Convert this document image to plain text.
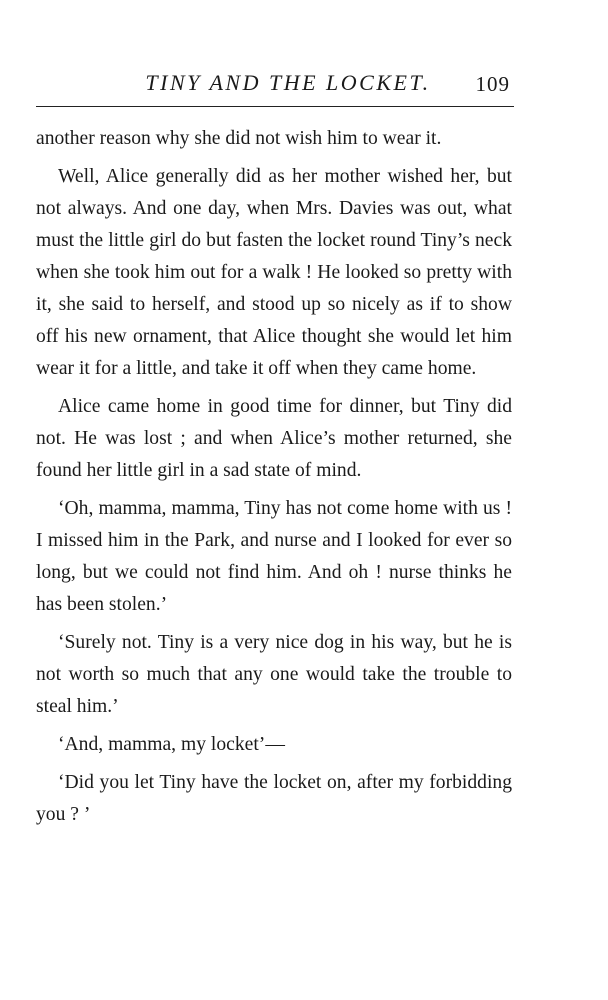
TINY AND THE LOCKET.	109

another reason why she did not wish him to wear it.

Well, Alice generally did as her mother wished her, but not always. And one day, when Mrs. Davies was out, what must the little girl do but fasten the locket round Tiny’s neck when she took him out for a walk ! He looked so pretty with it, she said to herself, and stood up so nicely as if to show off his new ornament, that Alice thought she would let him wear it for a little, and take it off when they came home.

Alice came home in good time for dinner, but Tiny did not. He was lost ; and when Alice’s mother returned, she found her little girl in a sad state of mind.

‘Oh, mamma, mamma, Tiny has not come home with us ! I missed him in the Park, and nurse and I looked for ever so long, but we could not find him. And oh ! nurse thinks he has been stolen.’

‘Surely not. Tiny is a very nice dog in his way, but he is not worth so much that any one would take the trouble to steal him.’

‘And, mamma, my locket’—

‘Did you let Tiny have the locket on, after my forbidding you ? ’
